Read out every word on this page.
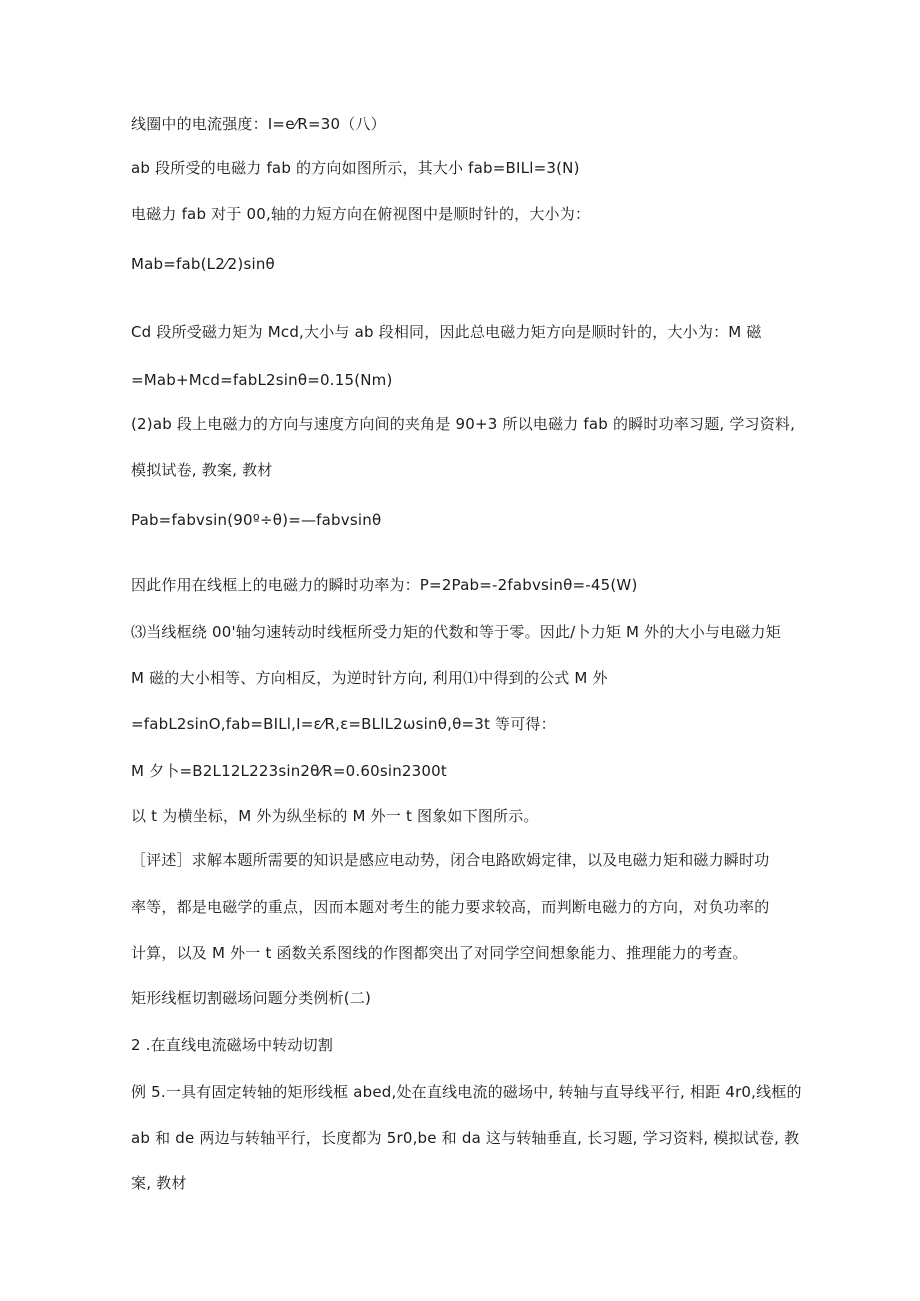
线圈中的电流强度：I=e⁄R=30（八）
ab 段所受的电磁力 fab 的方向如图所示，其大小 fab=BILl=3(N)
电磁力 fab 对于 00,轴的力短方向在俯视图中是顺时针的，大小为：
Mab=fab(L2⁄2)sinθ
Cd 段所受磁力矩为 Mcd,大小与 ab 段相同，因此总电磁力矩方向是顺时针的，大小为：M 磁
=Mab+Mcd=fabL2sinθ=0.15(Nm)
(2)ab 段上电磁力的方向与速度方向间的夹角是 90+3 所以电磁力 fab 的瞬时功率习题, 学习资料,
模拟试卷, 教案, 教材
Pab=fabvsin(90º÷θ)=—fabvsinθ
因此作用在线框上的电磁力的瞬时功率为：P=2Pab=-2fabvsinθ=-45(W)
⑶当线框绕 00'轴匀速转动时线框所受力矩的代数和等于零。因此/卜力矩 M 外的大小与电磁力矩
M 磁的大小相等、方向相反，为逆时针方向, 利用⑴中得到的公式 M 外
=fabL2sinO,fab=BILl,I=ε⁄R,ε=BLlL2ωsinθ,θ=3t 等可得：
M 夕卜=B2L12L223sin2θ⁄R=0.60sin2300t
以 t 为横坐标，M 外为纵坐标的 M 外一 t 图象如下图所示。
［评述］求解本题所需要的知识是感应电动势，闭合电路欧姆定律，以及电磁力矩和磁力瞬时功
率等，都是电磁学的重点，因而本题对考生的能力要求较高，而判断电磁力的方向，对负功率的
计算，以及 M 外一 t 函数关系图线的作图都突出了对同学空间想象能力、推理能力的考查。
矩形线框切割磁场问题分类例析(二)
2 .在直线电流磁场中转动切割
例 5.一具有固定转轴的矩形线框 abed,处在直线电流的磁场中, 转轴与直导线平行, 相距 4r0,线框的
ab 和 de 两边与转轴平行，长度都为 5r0,be 和 da 这与转轴垂直, 长习题, 学习资料, 模拟试卷, 教
案, 教材
